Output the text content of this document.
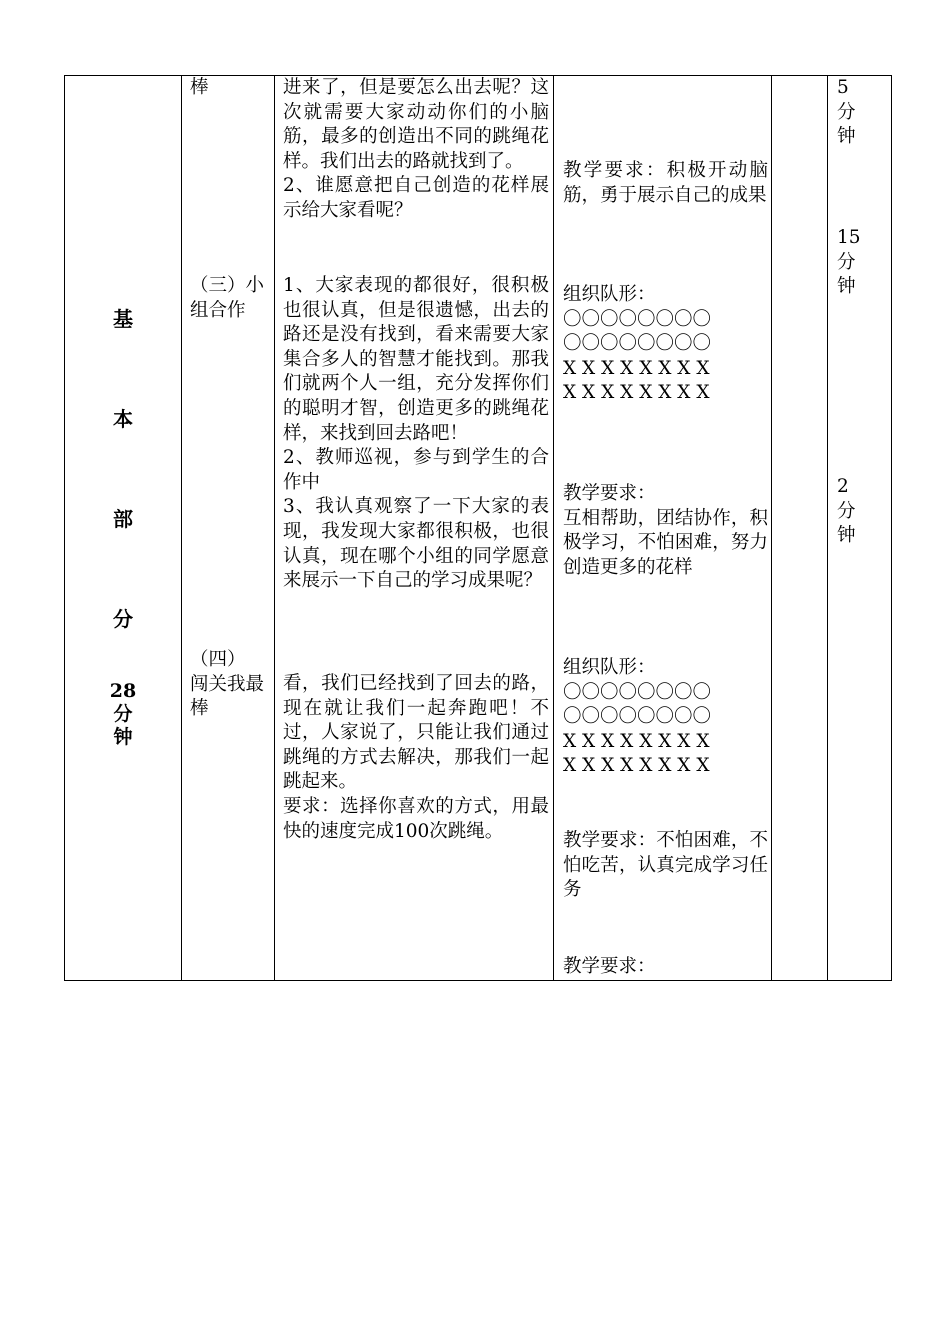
基
本
部
分
28
分
钟
棒
（三）小组合作

（四）

闯关我最棒

进来了，但是要怎么出去呢？这次就需要大家动动你们的小脑筋，最多的创造出不同的跳绳花样。我们出去的路就找到了。

2、谁愿意把自己创造的花样展示给大家看呢？

1、大家表现的都很好，很积极也很认真，但是很遗憾，出去的路还是没有找到，看来需要大家集合多人的智慧才能找到。那我们就两个人一组，充分发挥你们的聪明才智，创造更多的跳绳花样，来找到回去路吧！

2、教师巡视，参与到学生的合作中

3、我认真观察了一下大家的表现，我发现大家都很积极，也很认真，现在哪个小组的同学愿意来展示一下自己的学习成果呢？

看，我们已经找到了回去的路，现在就让我们一起奔跑吧！不过，人家说了，只能让我们通过跳绳的方式去解决，那我们一起跳起来。

要求：选择你喜欢的方式，用最快的速度完成100次跳绳。

教学要求：积极开动脑筋，勇于展示自己的成果

组织队形：

〇〇〇〇〇〇〇〇

〇〇〇〇〇〇〇〇

X X X X X X X X

X X X X X X X X

教学要求：

互相帮助，团结协作，积极学习，不怕困难，努力创造更多的花样

组织队形：

〇〇〇〇〇〇〇〇

〇〇〇〇〇〇〇〇

X X X X X X X X

X X X X X X X X

教学要求：不怕困难，不怕吃苦，认真完成学习任务
教学要求：

5

分

钟

15

分

钟

2

分

钟
